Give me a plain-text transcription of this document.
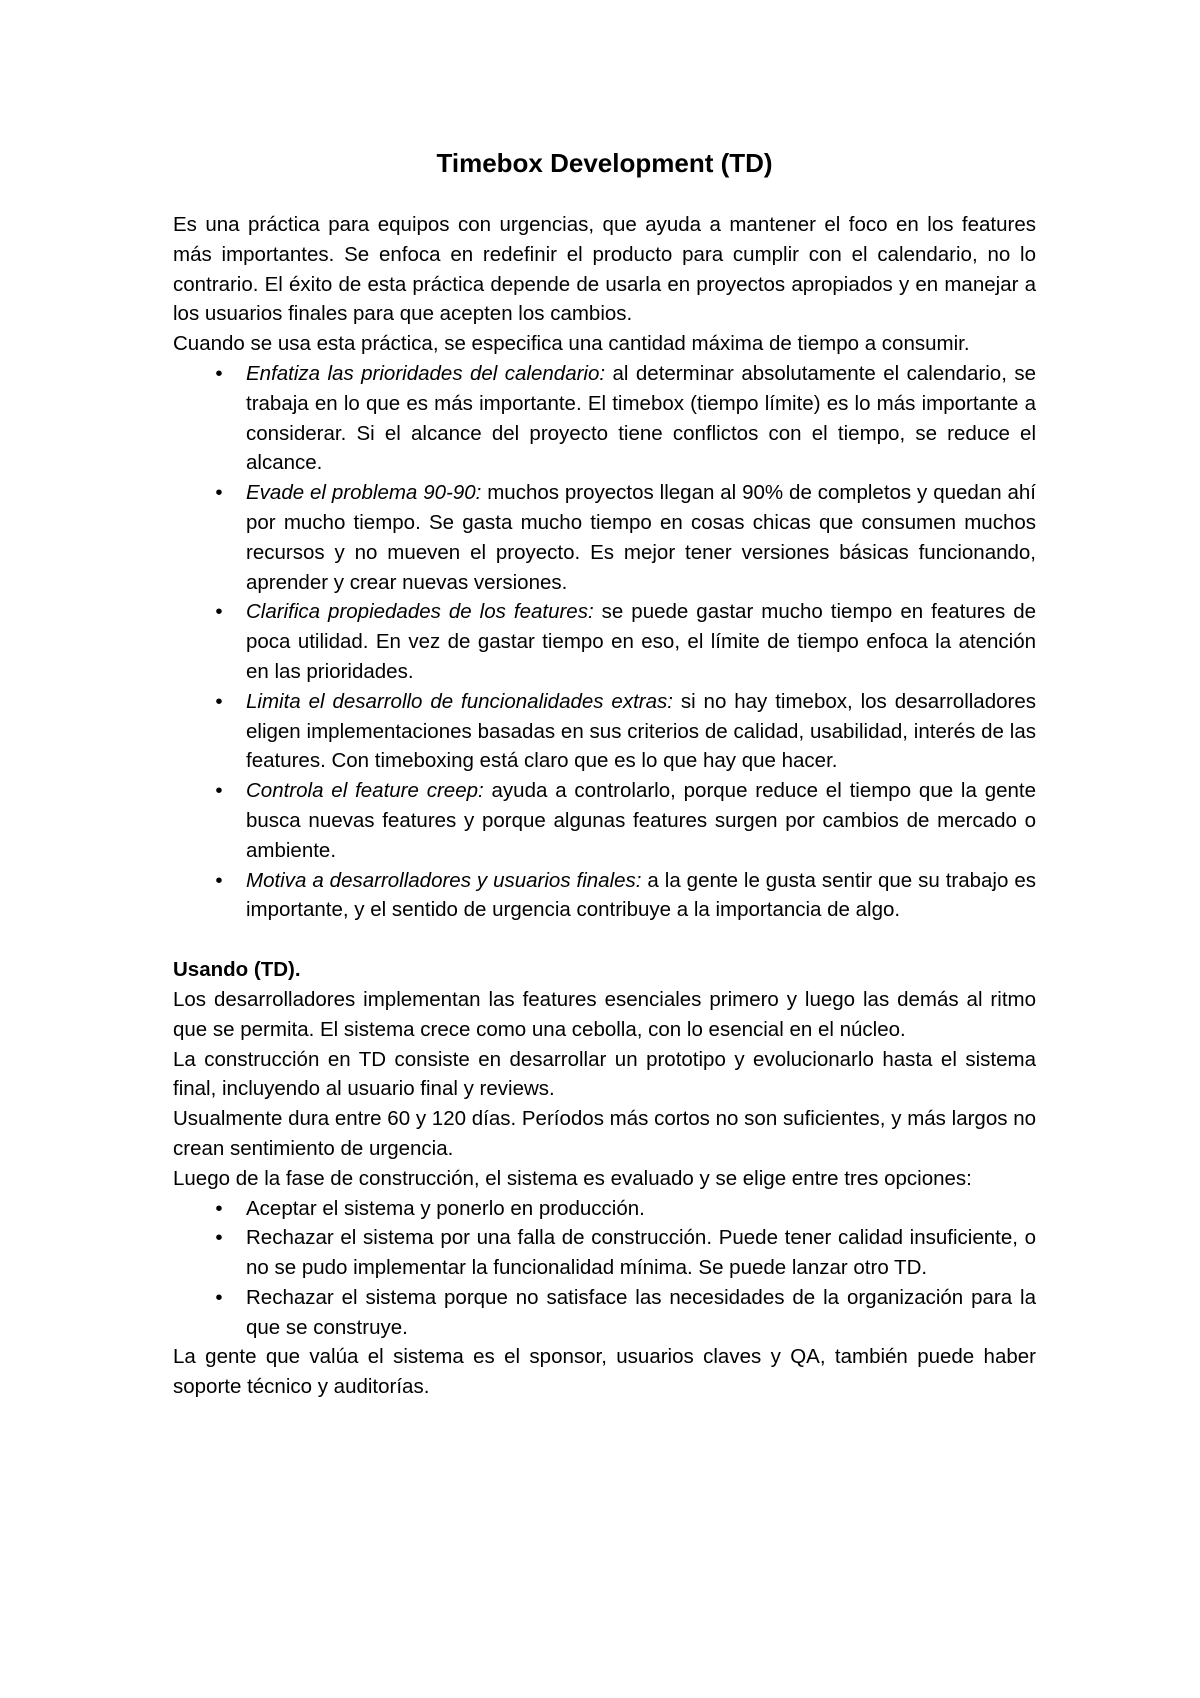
Timebox Development (TD)

Es una práctica para equipos con urgencias, que ayuda a mantener el foco en los features más importantes. Se enfoca en redefinir el producto para cumplir con el calendario, no lo contrario. El éxito de esta práctica depende de usarla en proyectos apropiados y en manejar a los usuarios finales para que acepten los cambios.

Cuando se usa esta práctica, se especifica una cantidad máxima de tiempo a consumir.

•	Enfatiza las prioridades del calendario: al determinar absolutamente el calendario, se trabaja en lo que es más importante. El timebox (tiempo límite) es lo más importante a considerar. Si el alcance del proyecto tiene conflictos con el tiempo, se reduce el alcance.
•	Evade el problema 90-90: muchos proyectos llegan al 90% de completos y quedan ahí por mucho tiempo. Se gasta mucho tiempo en cosas chicas que consumen muchos recursos y no mueven el proyecto. Es mejor tener versiones básicas funcionando, aprender y crear nuevas versiones.
•	Clarifica propiedades de los features: se puede gastar mucho tiempo en features de poca utilidad. En vez de gastar tiempo en eso, el límite de tiempo enfoca la atención en las prioridades.
•	Limita el desarrollo de funcionalidades extras: si no hay timebox, los desarrolladores eligen implementaciones basadas en sus criterios de calidad, usabilidad, interés de las features. Con timeboxing está claro que es lo que hay que hacer.
•	Controla el feature creep: ayuda a controlarlo, porque reduce el tiempo que la gente busca nuevas features y porque algunas features surgen por cambios de mercado o ambiente.
•	Motiva a desarrolladores y usuarios finales: a la gente le gusta sentir que su trabajo es importante, y el sentido de urgencia contribuye a la importancia de algo.

Usando (TD).

Los desarrolladores implementan las features esenciales primero y luego las demás al ritmo que se permita. El sistema crece como una cebolla, con lo esencial en el núcleo.

La construcción en TD consiste en desarrollar un prototipo y evolucionarlo hasta el sistema final, incluyendo al usuario final y reviews.

Usualmente dura entre 60 y 120 días. Períodos más cortos no son suficientes, y más largos no crean sentimiento de urgencia.

Luego de la fase de construcción, el sistema es evaluado y se elige entre tres opciones:

•	Aceptar el sistema y ponerlo en producción.
•	Rechazar el sistema por una falla de construcción. Puede tener calidad insuficiente, o no se pudo implementar la funcionalidad mínima. Se puede lanzar otro TD.
•	Rechazar el sistema porque no satisface las necesidades de la organización para la que se construye.

La gente que valúa el sistema es el sponsor, usuarios claves y QA, también puede haber soporte técnico y auditorías.
